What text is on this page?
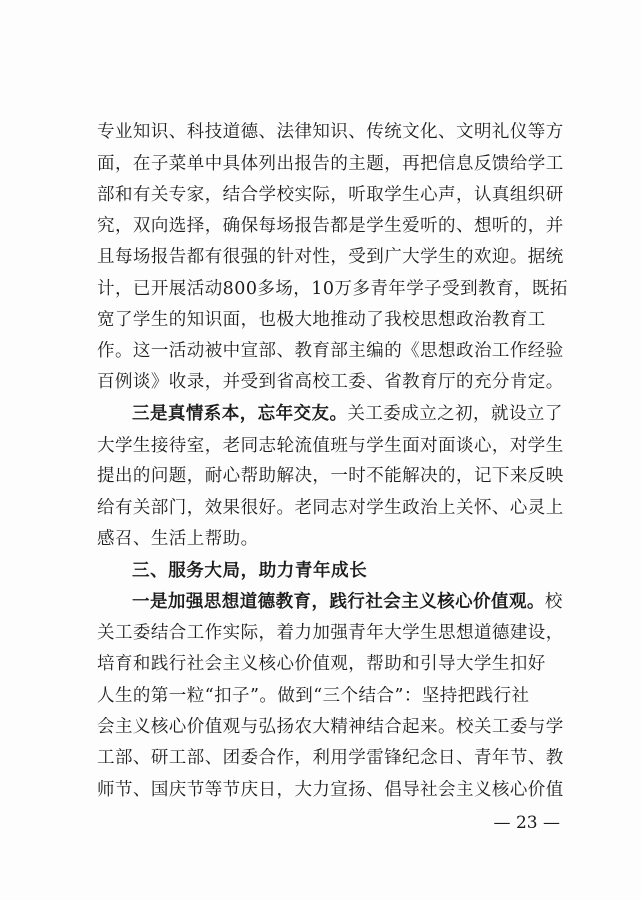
专业知识、科技道德、法律知识、传统文化、文明礼仪等方
面，在子菜单中具体列出报告的主题，再把信息反馈给学工
部和有关专家，结合学校实际，听取学生心声，认真组织研
究，双向选择，确保每场报告都是学生爱听的、想听的，并
且每场报告都有很强的针对性，受到广大学生的欢迎。据统
计，已开展活动800多场，10万多青年学子受到教育，既拓
宽了学生的知识面，也极大地推动了我校思想政治教育工
作。这一活动被中宣部、教育部主编的《思想政治工作经验
百例谈》收录，并受到省高校工委、省教育厅的充分肯定。
三是真情系本，忘年交友。关工委成立之初，就设立了
大学生接待室，老同志轮流值班与学生面对面谈心，对学生
提出的问题，耐心帮助解决，一时不能解决的，记下来反映
给有关部门，效果很好。老同志对学生政治上关怀、心灵上
感召、生活上帮助。
三、服务大局，助力青年成长
一是加强思想道德教育，践行社会主义核心价值观。校
关工委结合工作实际，着力加强青年大学生思想道德建设，
培育和践行社会主义核心价值观，帮助和引导大学生扣好
人生的第一粒“扣子”。做到“三个结合”：坚持把践行社
会主义核心价值观与弘扬农大精神结合起来。校关工委与学
工部、研工部、团委合作，利用学雷锋纪念日、青年节、教
师节、国庆节等节庆日，大力宣扬、倡导社会主义核心价值
— 23 —
